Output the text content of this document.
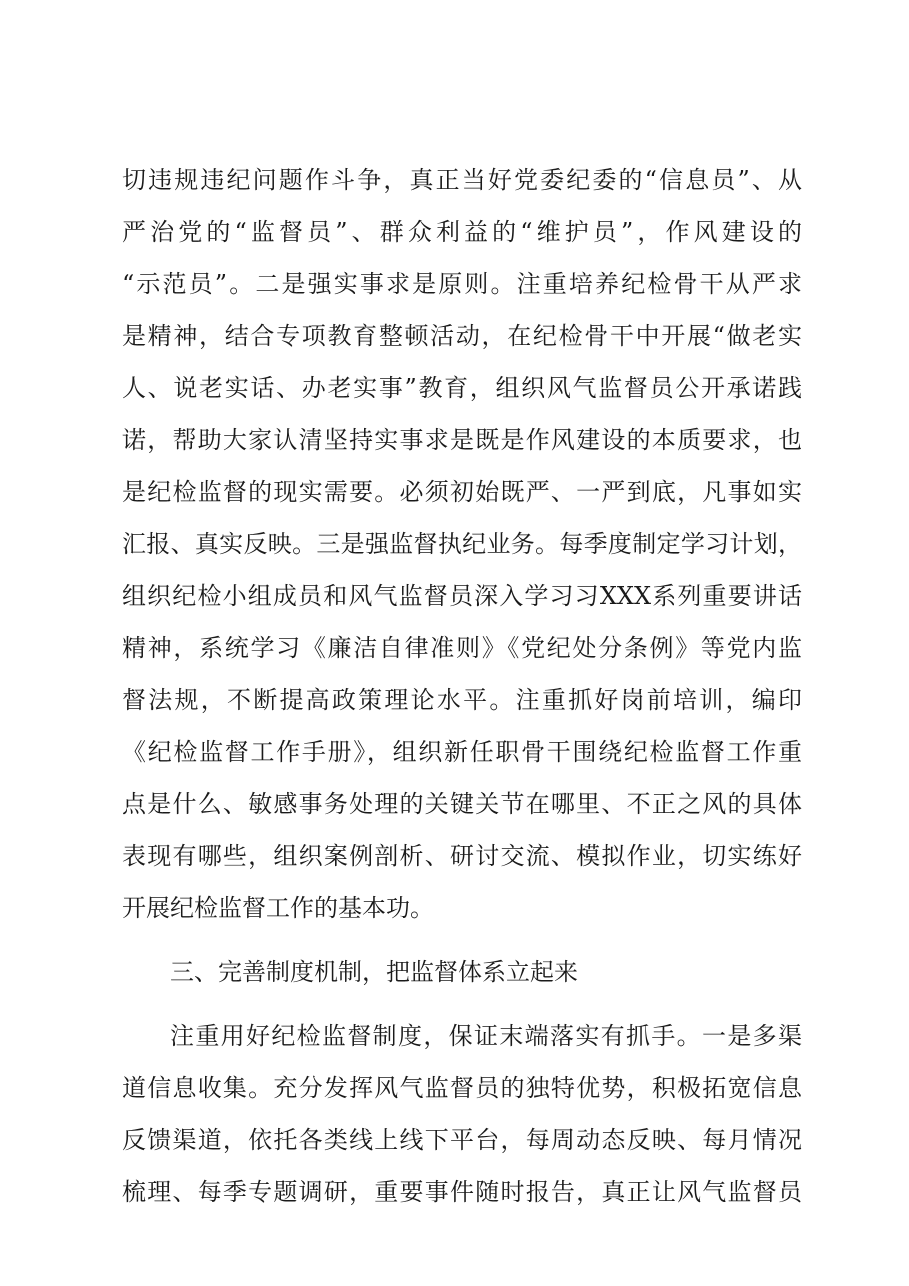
切违规违纪问题作斗争，真正当好党委纪委的“信息员”、从
严治党的“监督员”、群众利益的“维护员”，作风建设的
“示范员”。二是强实事求是原则。注重培养纪检骨干从严求
是精神，结合专项教育整顿活动，在纪检骨干中开展“做老实
人、说老实话、办老实事”教育，组织风气监督员公开承诺践
诺，帮助大家认清坚持实事求是既是作风建设的本质要求，也
是纪检监督的现实需要。必须初始既严、一严到底，凡事如实
汇报、真实反映。三是强监督执纪业务。每季度制定学习计划，
组织纪检小组成员和风气监督员深入学习习XXX系列重要讲话
精神，系统学习《廉洁自律准则》《党纪处分条例》等党内监
督法规，不断提高政策理论水平。注重抓好岗前培训，编印
《纪检监督工作手册》，组织新任职骨干围绕纪检监督工作重
点是什么、敏感事务处理的关键关节在哪里、不正之风的具体
表现有哪些，组织案例剖析、研讨交流、模拟作业，切实练好
开展纪检监督工作的基本功。
三、完善制度机制，把监督体系立起来
注重用好纪检监督制度，保证末端落实有抓手。一是多渠
道信息收集。充分发挥风气监督员的独特优势，积极拓宽信息
反馈渠道，依托各类线上线下平台，每周动态反映、每月情况
梳理、每季专题调研，重要事件随时报告，真正让风气监督员
